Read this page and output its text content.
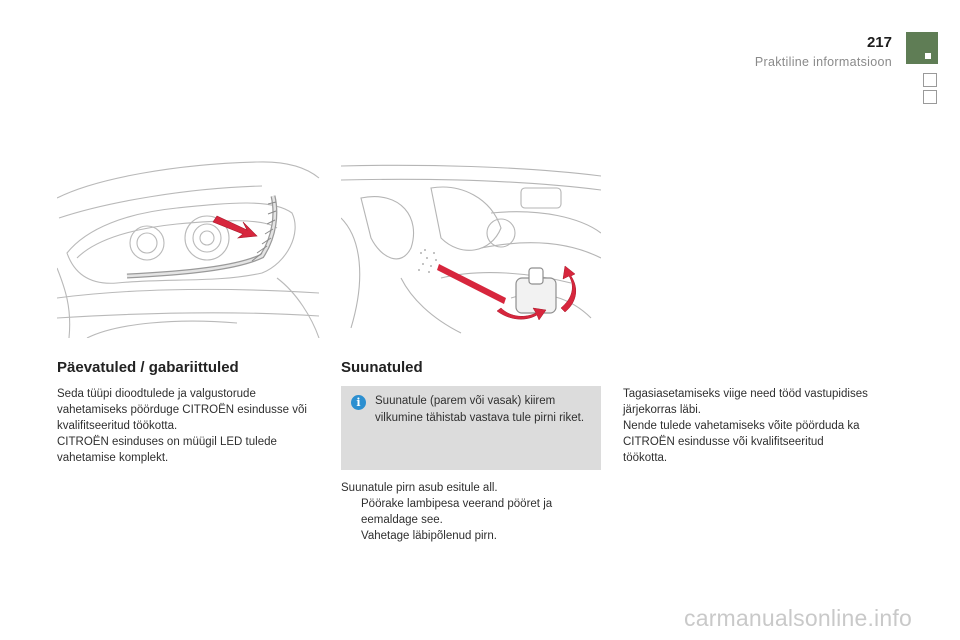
217
Praktiline informatsioon
Päevatuled / gabariittuled

Seda tüüpi dioodtulede ja valgustorude vahetamiseks pöörduge CITROËN esindusse või kvalifitseeritud töökotta.

CITROËN esinduses on müügil LED tulede vahetamise komplekt.

Suunatuled
i	Suunatule (parem või vasak) kiirem vilkumine tähistab vastava tule pirni riket.

Suunatule pirn asub esitule all.

Pöörake lambipesa veerand pööret ja eemaldage see.
Vahetage läbipõlenud pirn.

Tagasiasetamiseks viige need tööd vastupidises järjekorras läbi.

Nende tulede vahetamiseks võite pöörduda ka CITROËN esindusse või kvalifitseeritud töökotta.

carmanualsonline.info
